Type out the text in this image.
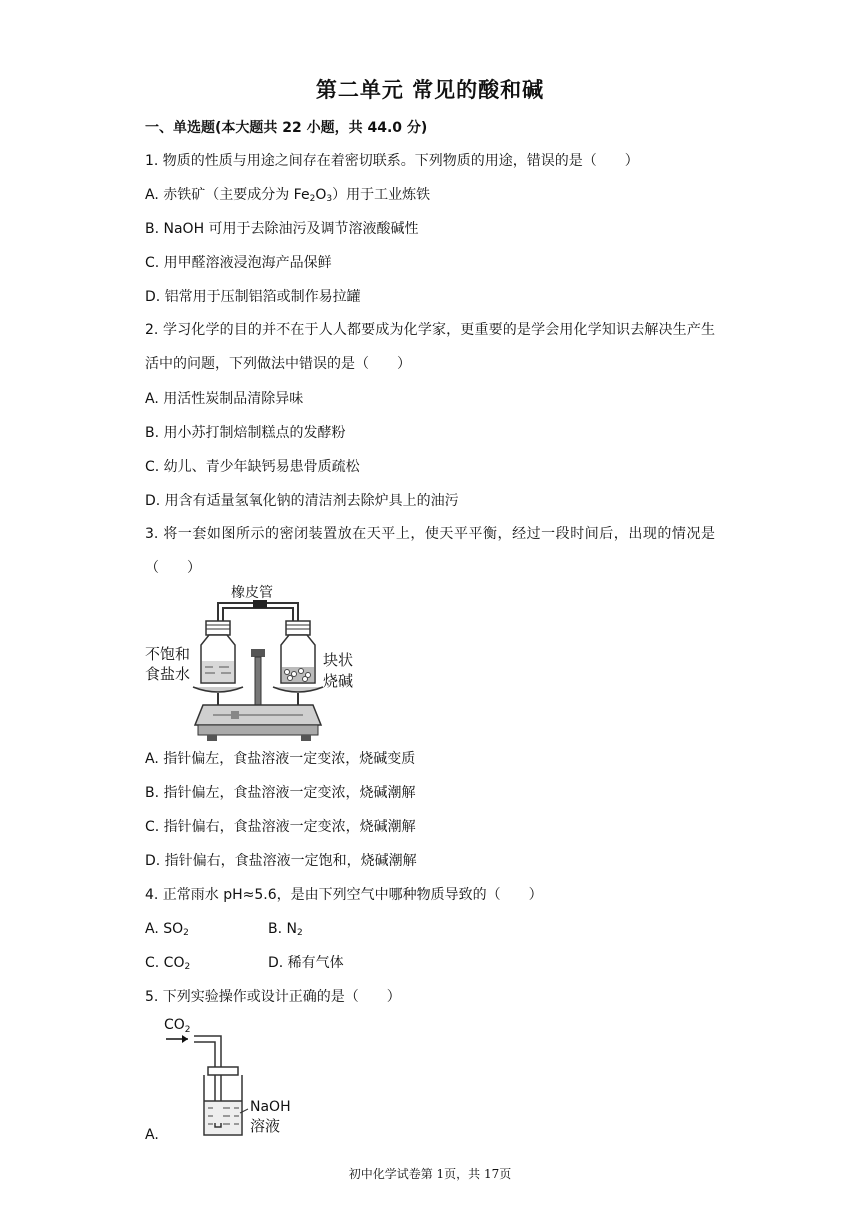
第二单元 常见的酸和碱
一、单选题(本大题共 22 小题，共 44.0 分)
1. 物质的性质与用途之间存在着密切联系。下列物质的用途，错误的是（　　）
A. 赤铁矿（主要成分为 $Fe_2O_3$）用于工业炼铁
B. NaOH 可用于去除油污及调节溶液酸碱性
C. 用甲醛溶液浸泡海产品保鲜
D. 铝常用于压制铝箔或制作易拉罐
2. 学习化学的目的并不在于人人都要成为化学家，更重要的是学会用化学知识去解决生产生活中的问题，下列做法中错误的是（　　）
A. 用活性炭制品清除异味
B. 用小苏打制焙制糕点的发酵粉
C. 幼儿、青少年缺钙易患骨质疏松
D. 用含有适量氢氧化钠的清洁剂去除炉具上的油污
3. 将一套如图所示的密闭装置放在天平上，使天平平衡，经过一段时间后，出现的情况是（　　）
橡皮管
不饱和
食盐水
块状
烧碱
A. 指针偏左，食盐溶液一定变浓，烧碱变质
B. 指针偏左，食盐溶液一定变浓，烧碱潮解
C. 指针偏右，食盐溶液一定变浓，烧碱潮解
D. 指针偏右，食盐溶液一定饱和，烧碱潮解
4. 正常雨水 pH≈5.6，是由下列空气中哪种物质导致的（　　）
A. $SO_2$	B. $N_2$
C. $CO_2$	D. 稀有气体
5. 下列实验操作或设计正确的是（　　）
$CO_2$
NaOH
溶液
A.
初中化学试卷第 1页，共 17页
